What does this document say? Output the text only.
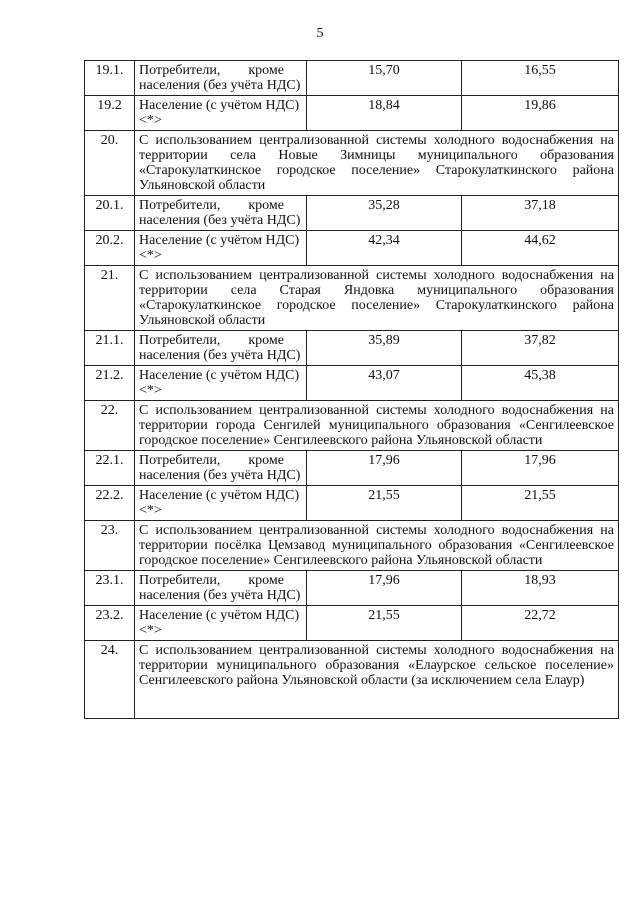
5
19.1.	Потребители,        кроме населения (без учёта НДС)	15,70	16,55
19.2	Население (с учётом НДС) <*>	18,84	19,86
20.	С использованием централизованной системы холодного водоснабжения на территории села Новые Зимницы муниципального образования «Старокулаткинское городское поселение» Старокулаткинского района Ульяновской области		

20.1.	Потребители,        кроме населения (без учёта НДС)	35,28	37,18
20.2.	Население (с учётом НДС) <*>	42,34	44,62
21.	С использованием централизованной системы холодного водоснабжения на территории села Старая Яндовка муниципального образования «Старокулаткинское городское поселение» Старокулаткинского района Ульяновской области		

21.1.	Потребители,        кроме населения (без учёта НДС)	35,89	37,82
21.2.	Население (с учётом НДС) <*>	43,07	45,38
22.	С использованием централизованной системы холодного водоснабжения на территории города Сенгилей муниципального образования «Сенгилеевское городское поселение» Сенгилеевского района Ульяновской области		

22.1.	Потребители,        кроме населения (без учёта НДС)	17,96	17,96
22.2.	Население (с учётом НДС) <*>	21,55	21,55
23.	С использованием централизованной системы холодного водоснабжения на территории посёлка Цемзавод муниципального образования «Сенгилеевское городское поселение» Сенгилеевского района Ульяновской области		

23.1.	Потребители,        кроме населения (без учёта НДС)	17,96	18,93
23.2.	Население (с учётом НДС) <*>	21,55	22,72
24.	С использованием централизованной системы холодного водоснабжения на территории муниципального образования «Елаурское сельское поселение» Сенгилеевского района Ульяновской области (за исключением села Елаур)		
